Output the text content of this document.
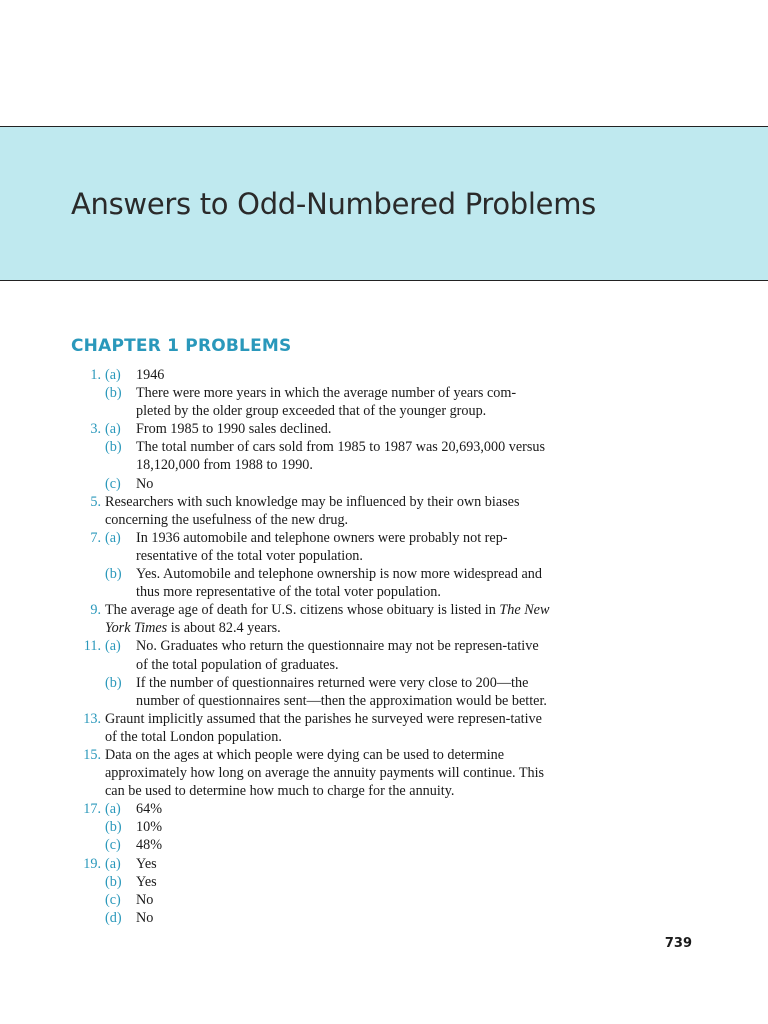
Answers to Odd-Numbered Problems
CHAPTER 1 PROBLEMS
1. (a)	1946
(b)	There were more years in which the average number of years com-pleted by the older group exceeded that of the younger group.
3. (a)	From 1985 to 1990 sales declined.
(b)	The total number of cars sold from 1985 to 1987 was 20,693,000 versus 18,120,000 from 1988 to 1990.
(c)	No
5. Researchers with such knowledge may be influenced by their own biases concerning the usefulness of the new drug.
7. (a)	In 1936 automobile and telephone owners were probably not rep-resentative of the total voter population.
(b)	Yes. Automobile and telephone ownership is now more widespread and thus more representative of the total voter population.
9. The average age of death for U.S. citizens whose obituary is listed in The New York Times is about 82.4 years.
11. (a)	No. Graduates who return the questionnaire may not be represen-tative of the total population of graduates.
(b)	If the number of questionnaires returned were very close to 200—the number of questionnaires sent—then the approximation would be better.
13. Graunt implicitly assumed that the parishes he surveyed were represen-tative of the total London population.
15. Data on the ages at which people were dying can be used to determine approximately how long on average the annuity payments will continue. This can be used to determine how much to charge for the annuity.
17. (a)	64%
(b)	10%
(c)	48%
19. (a)	Yes
(b)	Yes
(c)	No
(d)	No
739
